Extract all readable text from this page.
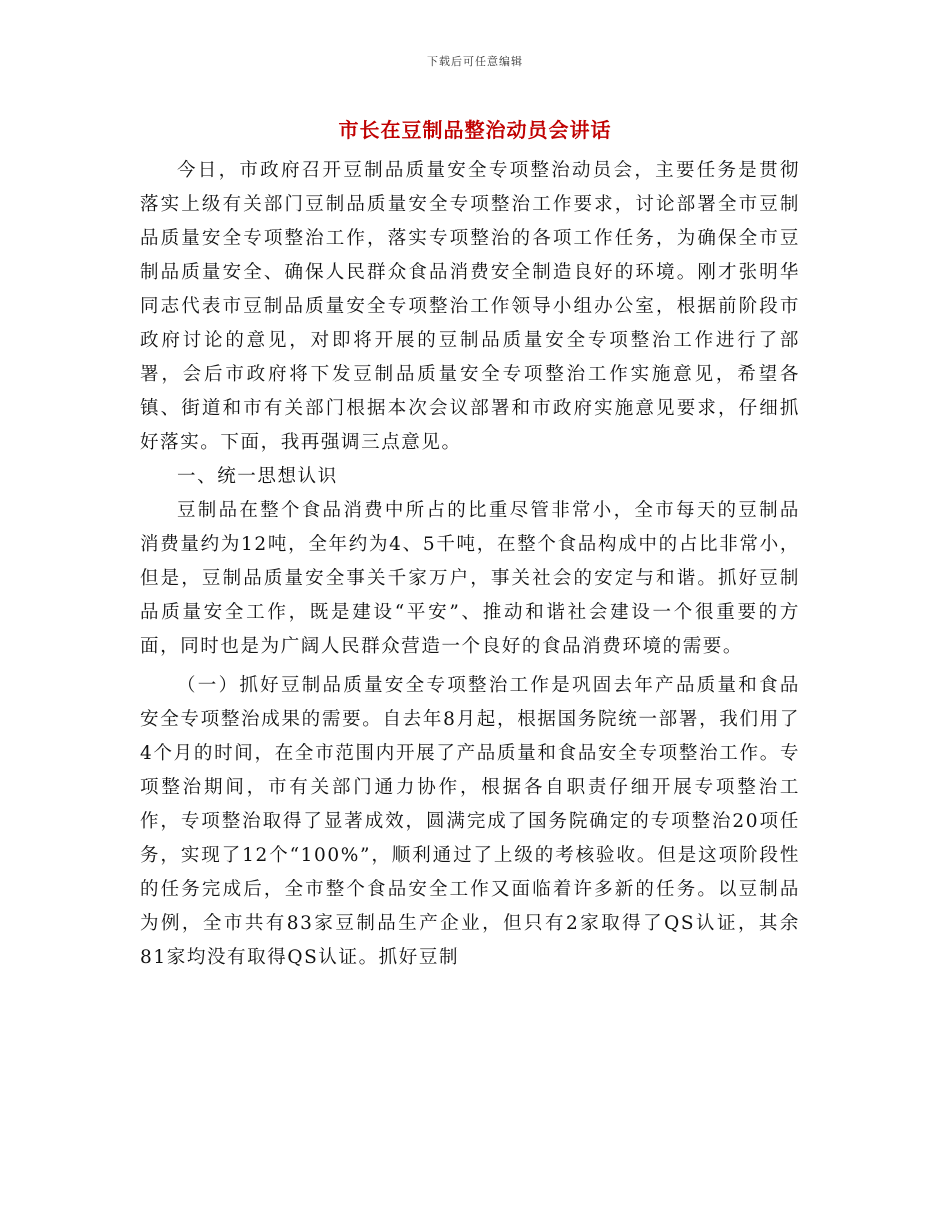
下载后可任意编辑
市长在豆制品整治动员会讲话

今日，市政府召开豆制品质量安全专项整治动员会，主要任务是贯彻落实上级有关部门豆制品质量安全专项整治工作要求，讨论部署全市豆制品质量安全专项整治工作，落实专项整治的各项工作任务，为确保全市豆制品质量安全、确保人民群众食品消费安全制造良好的环境。刚才张明华同志代表市豆制品质量安全专项整治工作领导小组办公室，根据前阶段市政府讨论的意见，对即将开展的豆制品质量安全专项整治工作进行了部署，会后市政府将下发豆制品质量安全专项整治工作实施意见，希望各镇、街道和市有关部门根据本次会议部署和市政府实施意见要求，仔细抓好落实。下面，我再强调三点意见。

一、统一思想认识

豆制品在整个食品消费中所占的比重尽管非常小，全市每天的豆制品消费量约为12吨，全年约为4、5千吨，在整个食品构成中的占比非常小，但是，豆制品质量安全事关千家万户，事关社会的安定与和谐。抓好豆制品质量安全工作，既是建设“平安”、推动和谐社会建设一个很重要的方面，同时也是为广阔人民群众营造一个良好的食品消费环境的需要。

（一）抓好豆制品质量安全专项整治工作是巩固去年产品质量和食品安全专项整治成果的需要。自去年8月起，根据国务院统一部署，我们用了4个月的时间，在全市范围内开展了产品质量和食品安全专项整治工作。专项整治期间，市有关部门通力协作，根据各自职责仔细开展专项整治工作，专项整治取得了显著成效，圆满完成了国务院确定的专项整治20项任务，实现了12个“100%”，顺利通过了上级的考核验收。但是这项阶段性的任务完成后，全市整个食品安全工作又面临着许多新的任务。以豆制品为例，全市共有83家豆制品生产企业，但只有2家取得了QS认证，其余81家均没有取得QS认证。抓好豆制
